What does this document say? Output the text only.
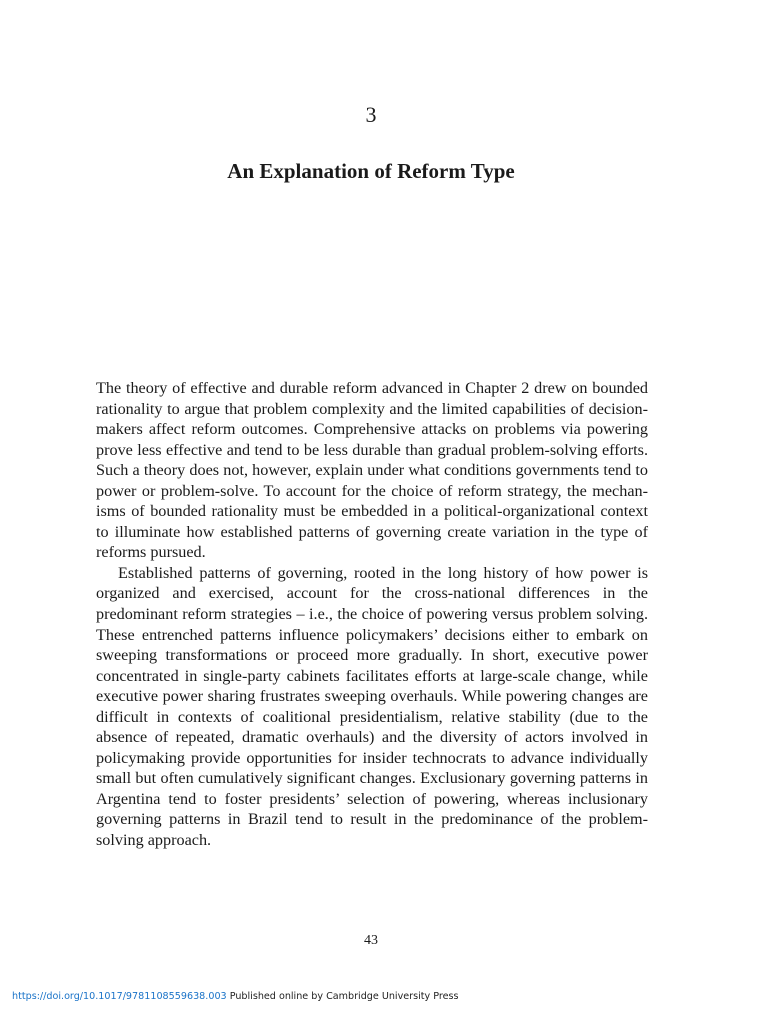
3
An Explanation of Reform Type

The theory of effective and durable reform advanced in Chapter 2 drew on bounded rationality to argue that problem complexity and the limited capabilities of decision-makers affect reform outcomes. Comprehensive attacks on problems via powering prove less effective and tend to be less durable than gradual problem-solving efforts. Such a theory does not, however, explain under what conditions governments tend to power or problem-solve. To account for the choice of reform strategy, the mechanisms of bounded rationality must be embedded in a political-organizational context to illuminate how established patterns of governing create variation in the type of reforms pursued.

Established patterns of governing, rooted in the long history of how power is organized and exercised, account for the cross-national differences in the predominant reform strategies – i.e., the choice of powering versus problem solving. These entrenched patterns influence policymakers’ decisions either to embark on sweeping transformations or proceed more gradually. In short, executive power concentrated in single-party cabinets facilitates efforts at large-scale change, while executive power sharing frustrates sweeping overhauls. While powering changes are difficult in contexts of coalitional presidentialism, relative stability (due to the absence of repeated, dramatic overhauls) and the diversity of actors involved in policymaking provide opportunities for insider technocrats to advance individually small but often cumulatively significant changes. Exclusionary governing patterns in Argentina tend to foster presidents’ selection of powering, whereas inclusionary governing patterns in Brazil tend to result in the predominance of the problem-solving approach.

43
https://doi.org/10.1017/9781108559638.003 Published online by Cambridge University Press
